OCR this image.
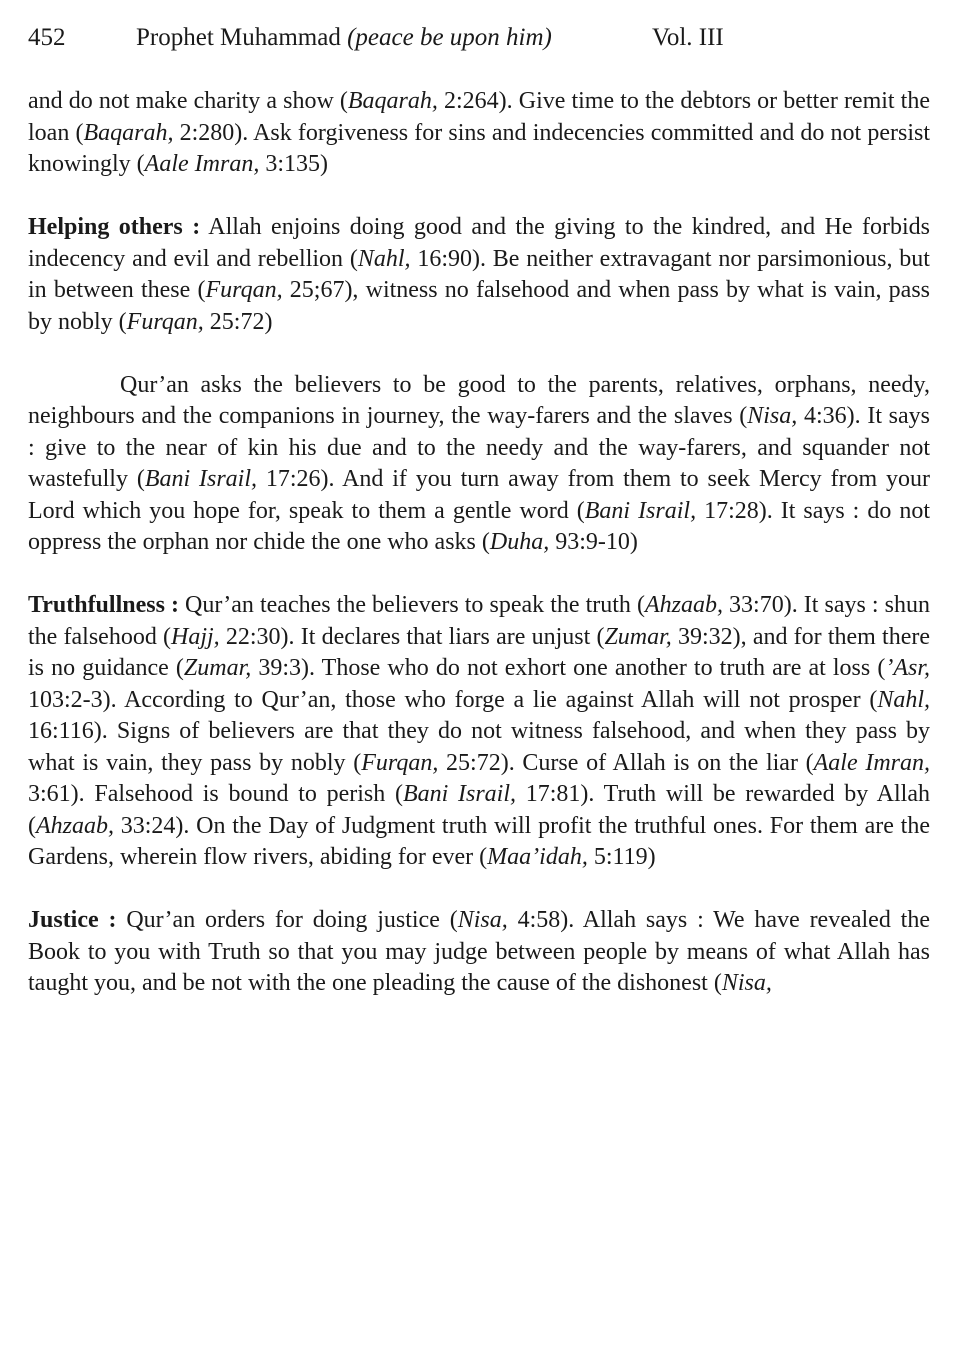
452	Prophet Muhammad (peace be upon him)	Vol. III

and do not make charity a show (Baqarah, 2:264). Give time to the debtors or better remit the loan (Baqarah, 2:280). Ask forgiveness for sins and indecencies committed and do not persist knowingly (Aale Imran, 3:135)

Helping others : Allah enjoins doing good and the giving to the kindred, and He forbids indecency and evil and rebellion (Nahl, 16:90). Be neither extravagant nor parsimonious, but in between these (Furqan, 25;67), witness no falsehood and when pass by what is vain, pass by nobly (Furqan, 25:72)

Qur’an asks the believers to be good to the parents, relatives, orphans, needy, neighbours and the companions in journey, the way-farers and the slaves (Nisa, 4:36). It says : give to the near of kin his due and to the needy and the way-farers, and squander not wastefully (Bani Israil, 17:26). And if you turn away from them to seek Mercy from your Lord which you hope for, speak to them a gentle word (Bani Israil, 17:28). It says : do not oppress the orphan nor chide the one who asks (Duha, 93:9-10)

Truthfullness : Qur’an teaches the believers to speak the truth (Ahzaab, 33:70). It says : shun the falsehood (Hajj, 22:30). It declares that liars are unjust (Zumar, 39:32), and for them there is no guidance (Zumar, 39:3). Those who do not exhort one another to truth are at loss (’Asr, 103:2-3). According to Qur’an, those who forge a lie against Allah will not prosper (Nahl, 16:116). Signs of believers are that they do not witness falsehood, and when they pass by what is vain, they pass by nobly (Furqan, 25:72). Curse of Allah is on the liar (Aale Imran, 3:61). Falsehood is bound to perish (Bani Israil, 17:81). Truth will be rewarded by Allah (Ahzaab, 33:24). On the Day of Judgment truth will profit the truthful ones. For them are the Gardens, wherein flow rivers, abiding for ever (Maa’idah, 5:119)

Justice : Qur’an orders for doing justice (Nisa, 4:58). Allah says : We have revealed the Book to you with Truth so that you may judge between people by means of what Allah has taught you, and be not with the one pleading the cause of the dishonest (Nisa,
